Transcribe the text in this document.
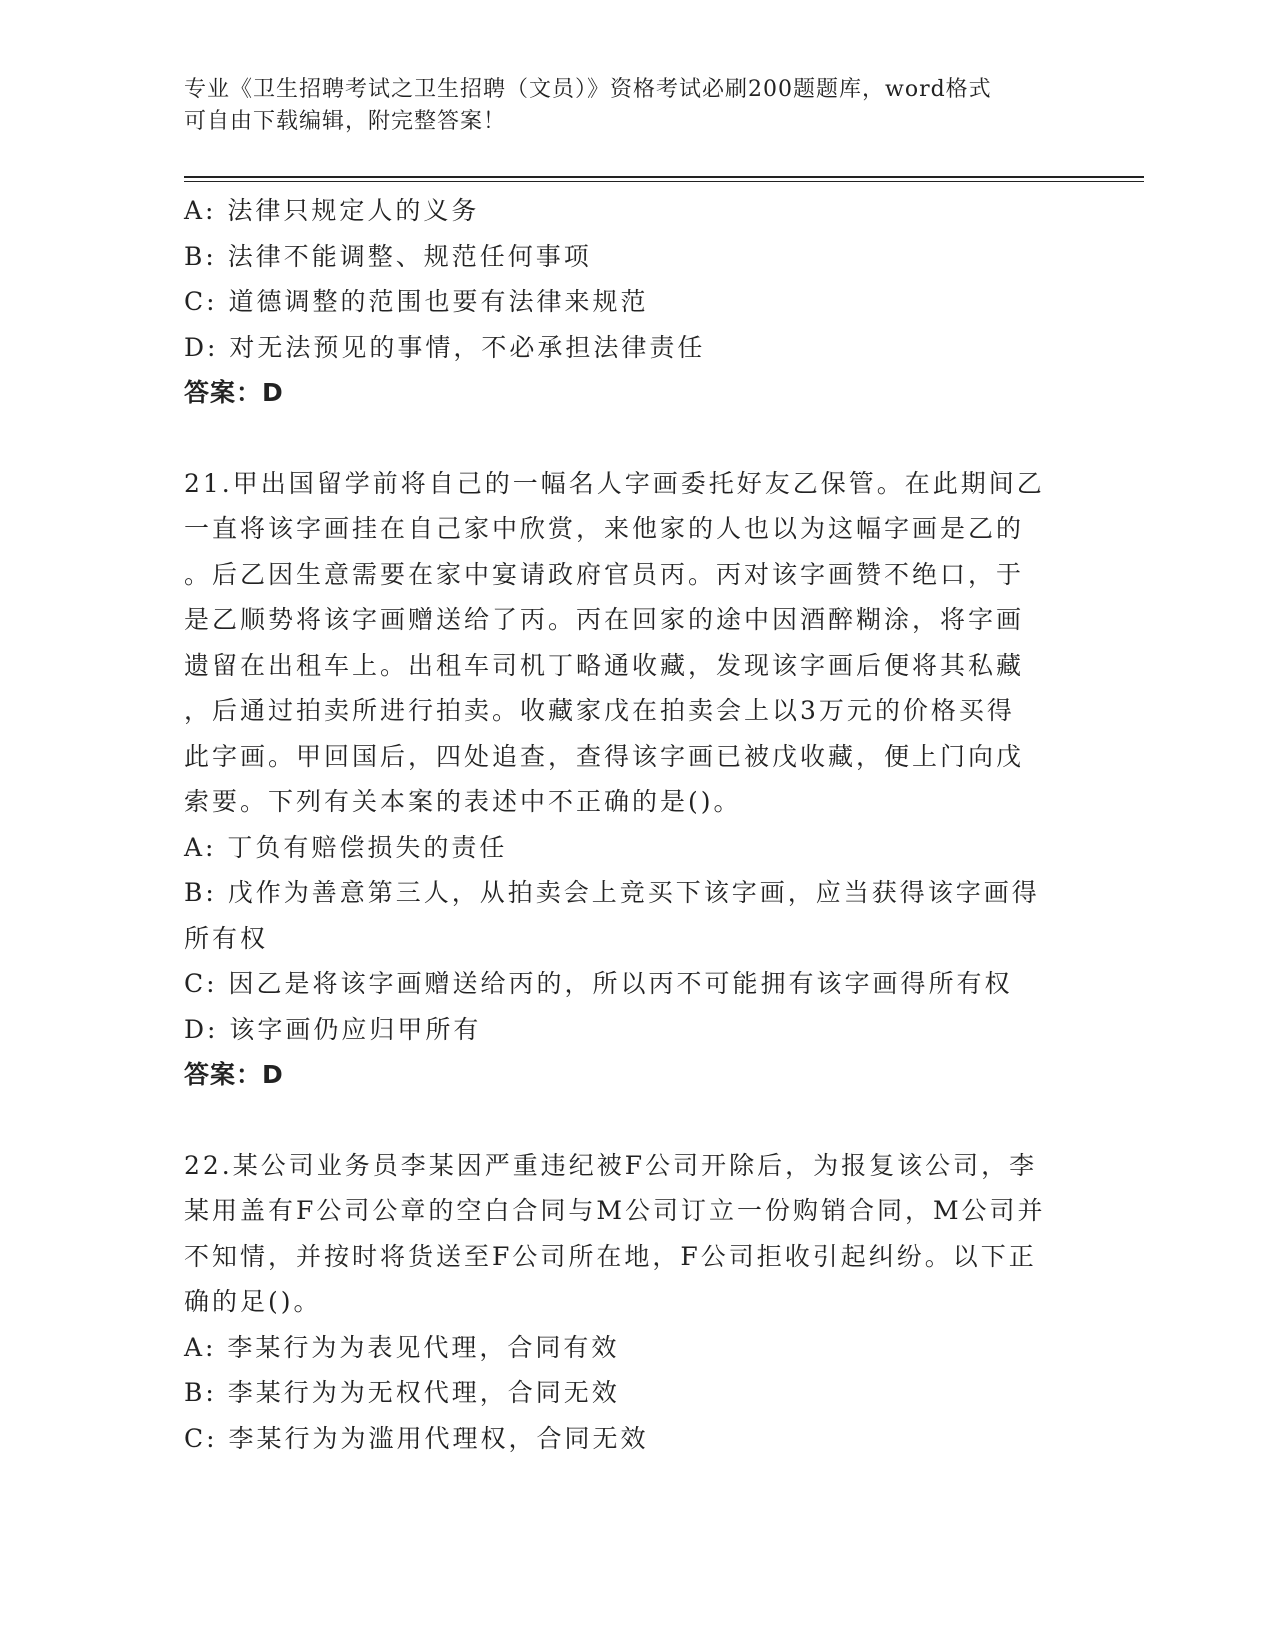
专业《卫生招聘考试之卫生招聘（文员）》资格考试必刷200题题库，word格式
可自由下载编辑，附完整答案！
A: 法律只规定人的义务
B: 法律不能调整、规范任何事项
C: 道德调整的范围也要有法律来规范
D: 对无法预见的事情，不必承担法律责任
答案：D
21.甲出国留学前将自己的一幅名人字画委托好友乙保管。在此期间乙
一直将该字画挂在自己家中欣赏，来他家的人也以为这幅字画是乙的
。后乙因生意需要在家中宴请政府官员丙。丙对该字画赞不绝口，于
是乙顺势将该字画赠送给了丙。丙在回家的途中因酒醉糊涂，将字画
遗留在出租车上。出租车司机丁略通收藏，发现该字画后便将其私藏
，后通过拍卖所进行拍卖。收藏家戊在拍卖会上以3万元的价格买得
此字画。甲回国后，四处追查，查得该字画已被戊收藏，便上门向戊
索要。下列有关本案的表述中不正确的是()。
A: 丁负有赔偿损失的责任
B: 戊作为善意第三人，从拍卖会上竞买下该字画，应当获得该字画得
所有权
C: 因乙是将该字画赠送给丙的，所以丙不可能拥有该字画得所有权
D: 该字画仍应归甲所有
答案：D
22.某公司业务员李某因严重违纪被F公司开除后，为报复该公司，李
某用盖有F公司公章的空白合同与M公司订立一份购销合同，M公司并
不知情，并按时将货送至F公司所在地，F公司拒收引起纠纷。以下正
确的足()。
A: 李某行为为表见代理，合同有效
B: 李某行为为无权代理，合同无效
C: 李某行为为滥用代理权，合同无效
